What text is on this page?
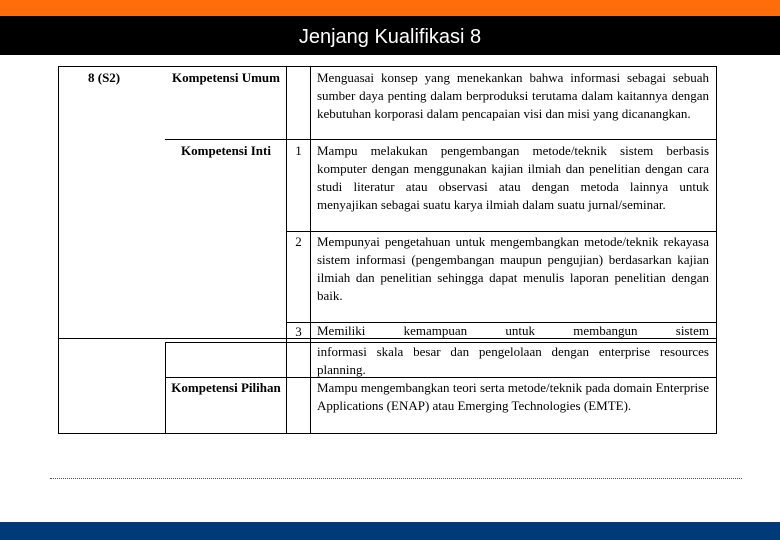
Jenjang Kualifikasi 8
8 (S2)	Kompetensi Umum
Kompetensi Inti
Kompetensi Pilihan
1
2
3
Menguasai konsep yang menekankan bahwa informasi sebagai sebuah sumber daya penting dalam berproduksi terutama dalam kaitannya dengan kebutuhan korporasi dalam pencapaian visi dan misi yang dicanangkan.
Mampu melakukan pengembangan metode/teknik sistem berbasis komputer dengan menggunakan kajian ilmiah dan penelitian dengan cara studi literatur atau observasi atau dengan metoda lainnya untuk menyajikan sebagai suatu karya ilmiah dalam suatu jurnal/seminar.
Mempunyai pengetahuan untuk mengembangkan metode/teknik rekayasa sistem informasi (pengembangan maupun pengujian) berdasarkan kajian ilmiah dan penelitian sehingga dapat menulis laporan penelitian dengan baik.
Memiliki kemampuan untuk membangun sistem
informasi skala besar dan pengelolaan dengan enterprise resources planning.
Mampu mengembangkan teori serta metode/teknik pada domain Enterprise Applications (ENAP) atau Emerging Technologies (EMTE).
